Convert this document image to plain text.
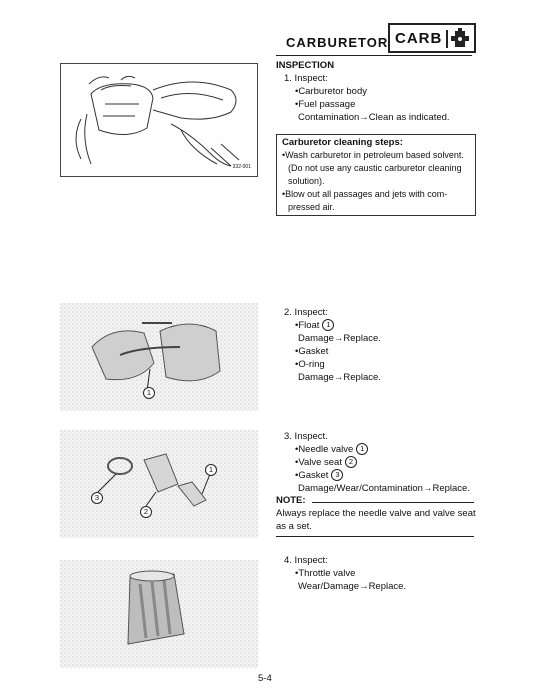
CARBURETOR CARB
332-001
INSPECTION
1. Inspect:
•Carburetor body
•Fuel passage
Contamination→Clean as indicated.
Carburetor cleaning steps:
•Wash carburetor in petroleum based solvent.
(Do not use any caustic carburetor cleaning
solution).
•Blow out all passages and jets with com-
pressed air.
1
2. Inspect:
•Float 1
Damage→Replace.
•Gasket
•O-ring
Damage→Replace.
3
2
1
3. Inspect.
•Needle valve 1
•Valve seat 2
•Gasket 3
Damage/Wear/Contamination→Replace.
NOTE:
Always replace the needle valve and valve seat
as a set.
4. Inspect:
•Throttle valve
Wear/Damage→Replace.
5-4
